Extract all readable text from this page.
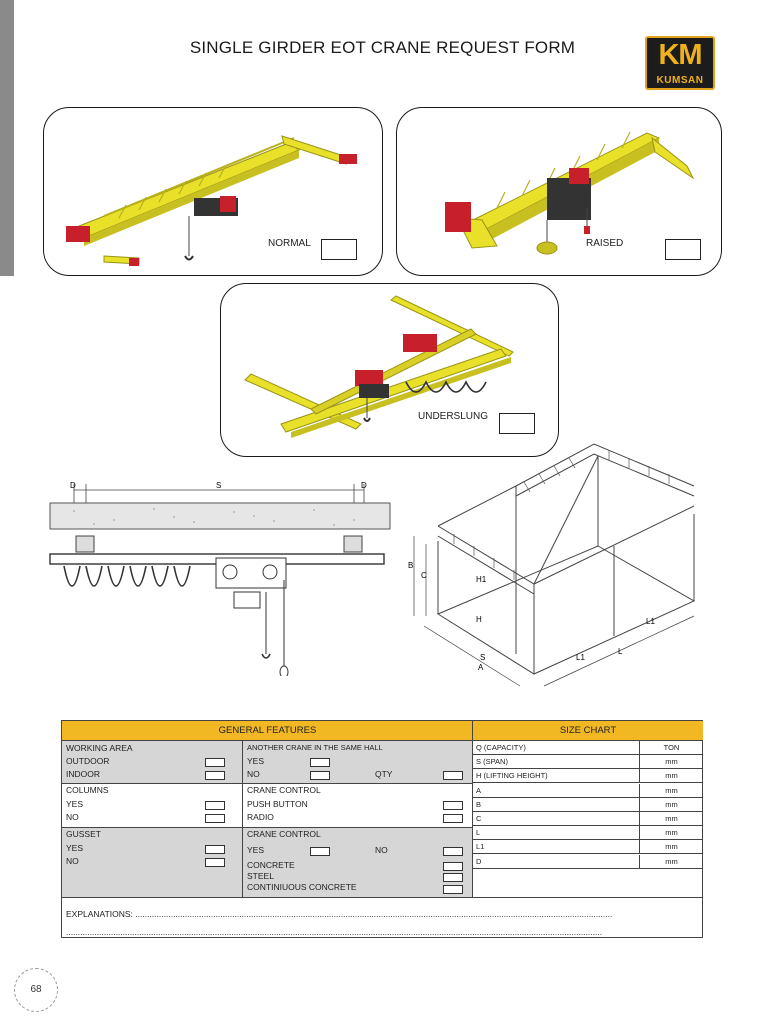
SINGLE GIRDER EOT CRANE REQUEST FORM	KM
KUMSAN
NORMAL	RAISED
UNDERSLUNG
D	S	D
B
C	H1
H
S
A
L1
L
L1
GENERAL FEATURES	SIZE CHART
WORKING AREA
OUTDOOR
INDOOR
ANOTHER CRANE IN THE SAME HALL
YES
NO	QTY
COLUMNS
YES
NO
CRANE CONTROL
PUSH BUTTON
RADIO
GUSSET
YES
NO
CRANE CONTROL
YES	NO
CONCRETE
STEEL
CONTINIUOUS CONCRETE
EXPLANATIONS: ..........................................................................................................................................................................................................
...................................................................................................................................................................................................................................
Q (CAPACITY)	TON
S (SPAN)	mm
H (LIFTING HEIGHT)	mm
A	mm
B	mm
C	mm
L	mm
L1	mm
D	mm
68
